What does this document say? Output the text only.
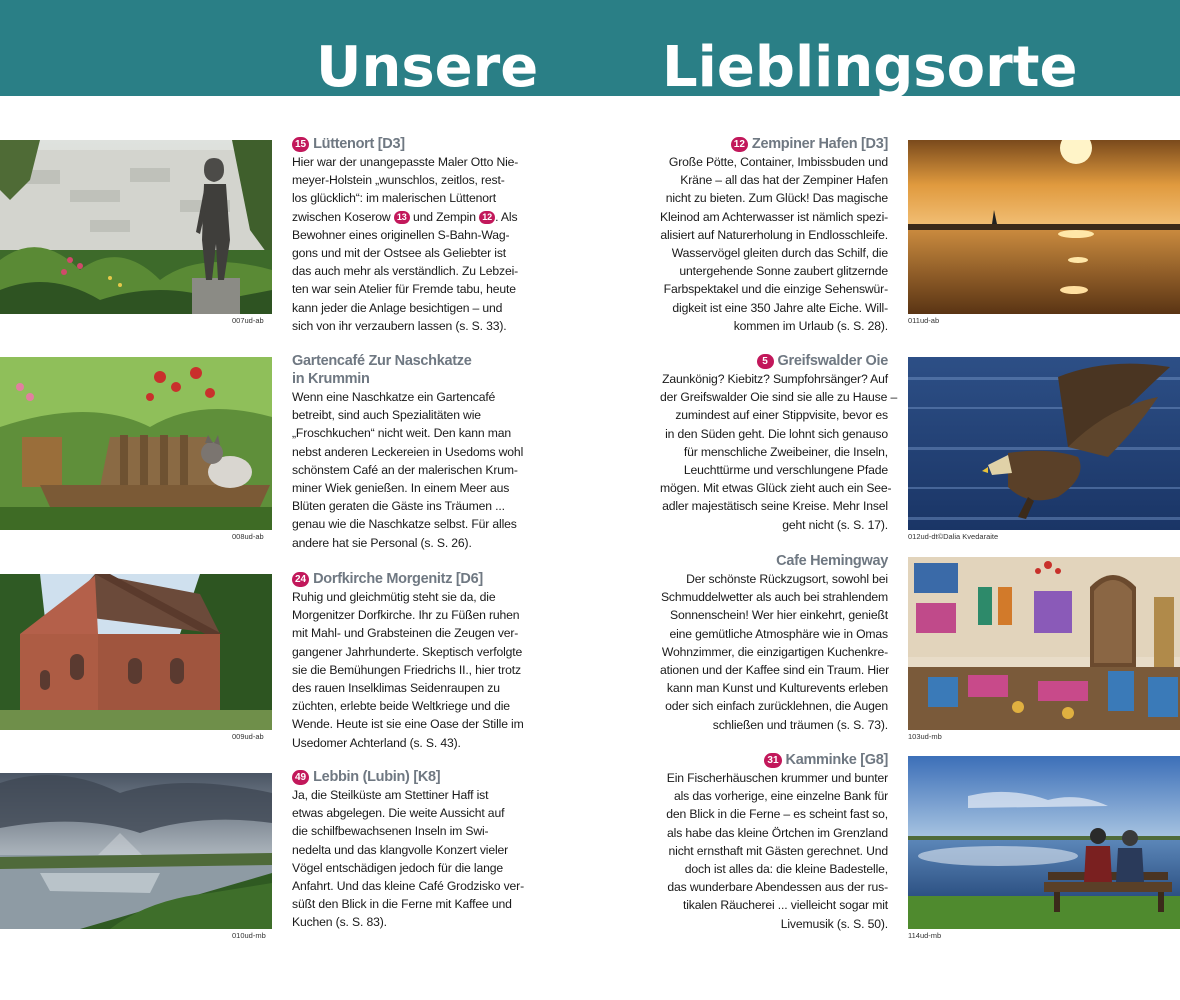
Unsere Lieblingsorte
007ud-ab
008ud-ab
009ud-ab
010ud-mb
011ud-ab
012ud-dt©Dalia Kvedaraite
103ud-mb
114ud-mb
15 Lüttenort [D3]
Hier war der unangepasste Maler Otto Nie-
meyer-Holstein „wunschlos, zeitlos, rest-
los glücklich“: im malerischen Lüttenort
zwischen Koserow 13 und Zempin 12 . Als
Bewohner eines originellen S-Bahn-Wag-
gons und mit der Ostsee als Geliebter ist
das auch mehr als verständlich. Zu Lebzei-
ten war sein Atelier für Fremde tabu, heute
kann jeder die Anlage besichtigen – und
sich von ihr verzaubern lassen (s. S. 33).
Gartencafé Zur Naschkatze
in Krummin
Wenn eine Naschkatze ein Gartencafé
betreibt, sind auch Spezialitäten wie
„Froschkuchen“ nicht weit. Den kann man
nebst anderen Leckereien in Usedoms wohl
schönstem Café an der malerischen Krum-
miner Wiek genießen. In einem Meer aus
Blüten geraten die Gäste ins Träumen ...
genau wie die Naschkatze selbst. Für alles
andere hat sie Personal (s. S. 26).
24 Dorfkirche Morgenitz [D6]
Ruhig und gleichmütig steht sie da, die
Morgenitzer Dorfkirche. Ihr zu Füßen ruhen
mit Mahl- und Grabsteinen die Zeugen ver-
gangener Jahrhunderte. Skeptisch verfolgte
sie die Bemühungen Friedrichs II., hier trotz
des rauen Inselklimas Seidenraupen zu
züchten, erlebte beide Weltkriege und die
Wende. Heute ist sie eine Oase der Stille im
Usedomer Achterland (s. S. 43).
49 Lebbin (Lubin) [K8]
Ja, die Steilküste am Stettiner Haff ist
etwas abgelegen. Die weite Aussicht auf
die schilfbewachsenen Inseln im Swi-
nedelta und das klangvolle Konzert vieler
Vögel entschädigen jedoch für die lange
Anfahrt. Und das kleine Café Grodzisko ver-
süßt den Blick in die Ferne mit Kaffee und
Kuchen (s. S. 83).
12 Zempiner Hafen [D3]
Große Pötte, Container, Imbissbuden und
Kräne – all das hat der Zempiner Hafen
nicht zu bieten. Zum Glück! Das magische
Kleinod am Achterwasser ist nämlich spezi-
alisiert auf Naturerholung in Endlosschleife.
Wasservögel gleiten durch das Schilf, die
untergehende Sonne zaubert glitzernde
Farbspektakel und die einzige Sehenswür-
digkeit ist eine 350 Jahre alte Eiche. Will-
kommen im Urlaub (s. S. 28).
5 Greifswalder Oie
Zaunkönig? Kiebitz? Sumpfohrsänger? Auf
der Greifswalder Oie sind sie alle zu Hause –
zumindest auf einer Stippvisite, bevor es
in den Süden geht. Die lohnt sich genauso
für menschliche Zweibeiner, die Inseln,
Leuchttürme und verschlungene Pfade
mögen. Mit etwas Glück zieht auch ein See-
adler majestätisch seine Kreise. Mehr Insel
geht nicht (s. S. 17).
Cafe Hemingway
Der schönste Rückzugsort, sowohl bei
Schmuddelwetter als auch bei strahlendem
Sonnenschein! Wer hier einkehrt, genießt
eine gemütliche Atmosphäre wie in Omas
Wohnzimmer, die einzigartigen Kuchenkre-
ationen und der Kaffee sind ein Traum. Hier
kann man Kunst und Kulturevents erleben
oder sich einfach zurücklehnen, die Augen
schließen und träumen (s. S. 73).
31 Kamminke [G8]
Ein Fischerhäuschen krummer und bunter
als das vorherige, eine einzelne Bank für
den Blick in die Ferne – es scheint fast so,
als habe das kleine Örtchen im Grenzland
nicht ernsthaft mit Gästen gerechnet. Und
doch ist alles da: die kleine Badestelle,
das wunderbare Abendessen aus der rus-
tikalen Räucherei ... vielleicht sogar mit
Livemusik (s. S. 50).
